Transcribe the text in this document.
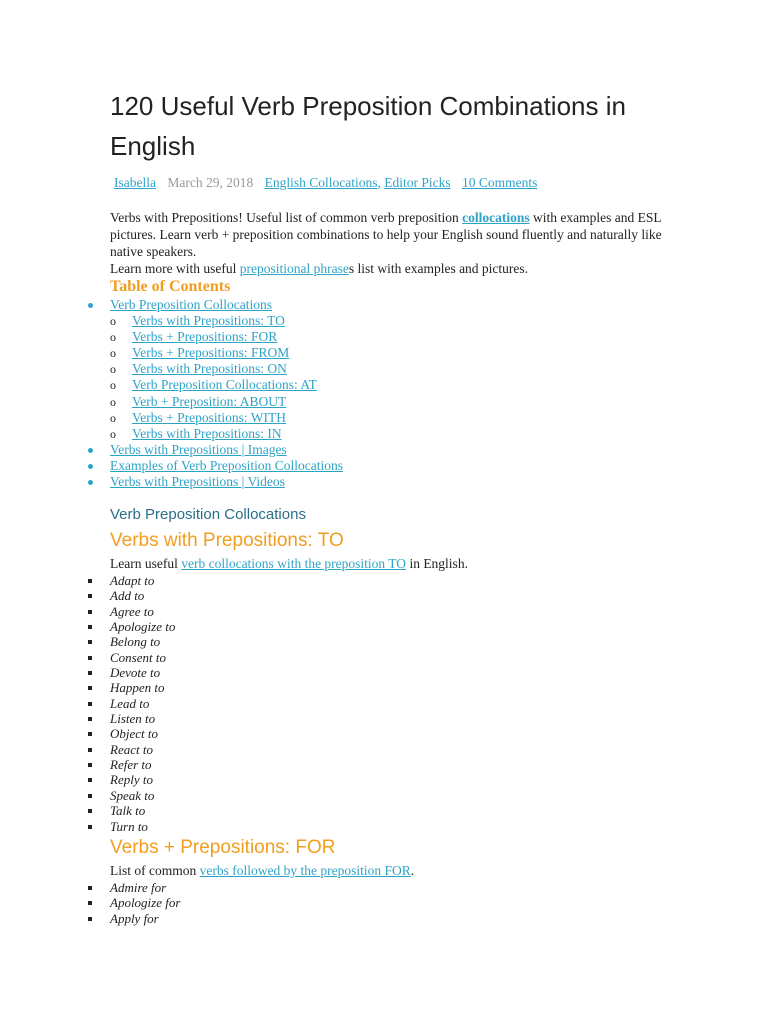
120 Useful Verb Preposition Combinations in English
Isabella March 29, 2018 English Collocations, Editor Picks 10 Comments
Verbs with Prepositions! Useful list of common verb preposition collocations with examples and ESL pictures. Learn verb + preposition combinations to help your English sound fluently and naturally like native speakers.
Learn more with useful prepositional phrases list with examples and pictures.
Table of Contents
Verb Preposition Collocations
o Verbs with Prepositions: TO
o Verbs + Prepositions: FOR
o Verbs + Prepositions: FROM
o Verbs with Prepositions: ON
o Verb Preposition Collocations: AT
o Verb + Preposition: ABOUT
o Verbs + Prepositions: WITH
o Verbs with Prepositions: IN
Verbs with Prepositions | Images
Examples of Verb Preposition Collocations
Verbs with Prepositions | Videos
Verb Preposition Collocations
Verbs with Prepositions: TO

Learn useful verb collocations with the preposition TO in English.

Adapt to
Add to
Agree to
Apologize to
Belong to
Consent to
Devote to
Happen to
Lead to
Listen to
Object to
React to
Refer to
Reply to
Speak to
Talk to
Turn to
Verbs + Prepositions: FOR

List of common verbs followed by the preposition FOR.

Admire for
Apologize for
Apply for
